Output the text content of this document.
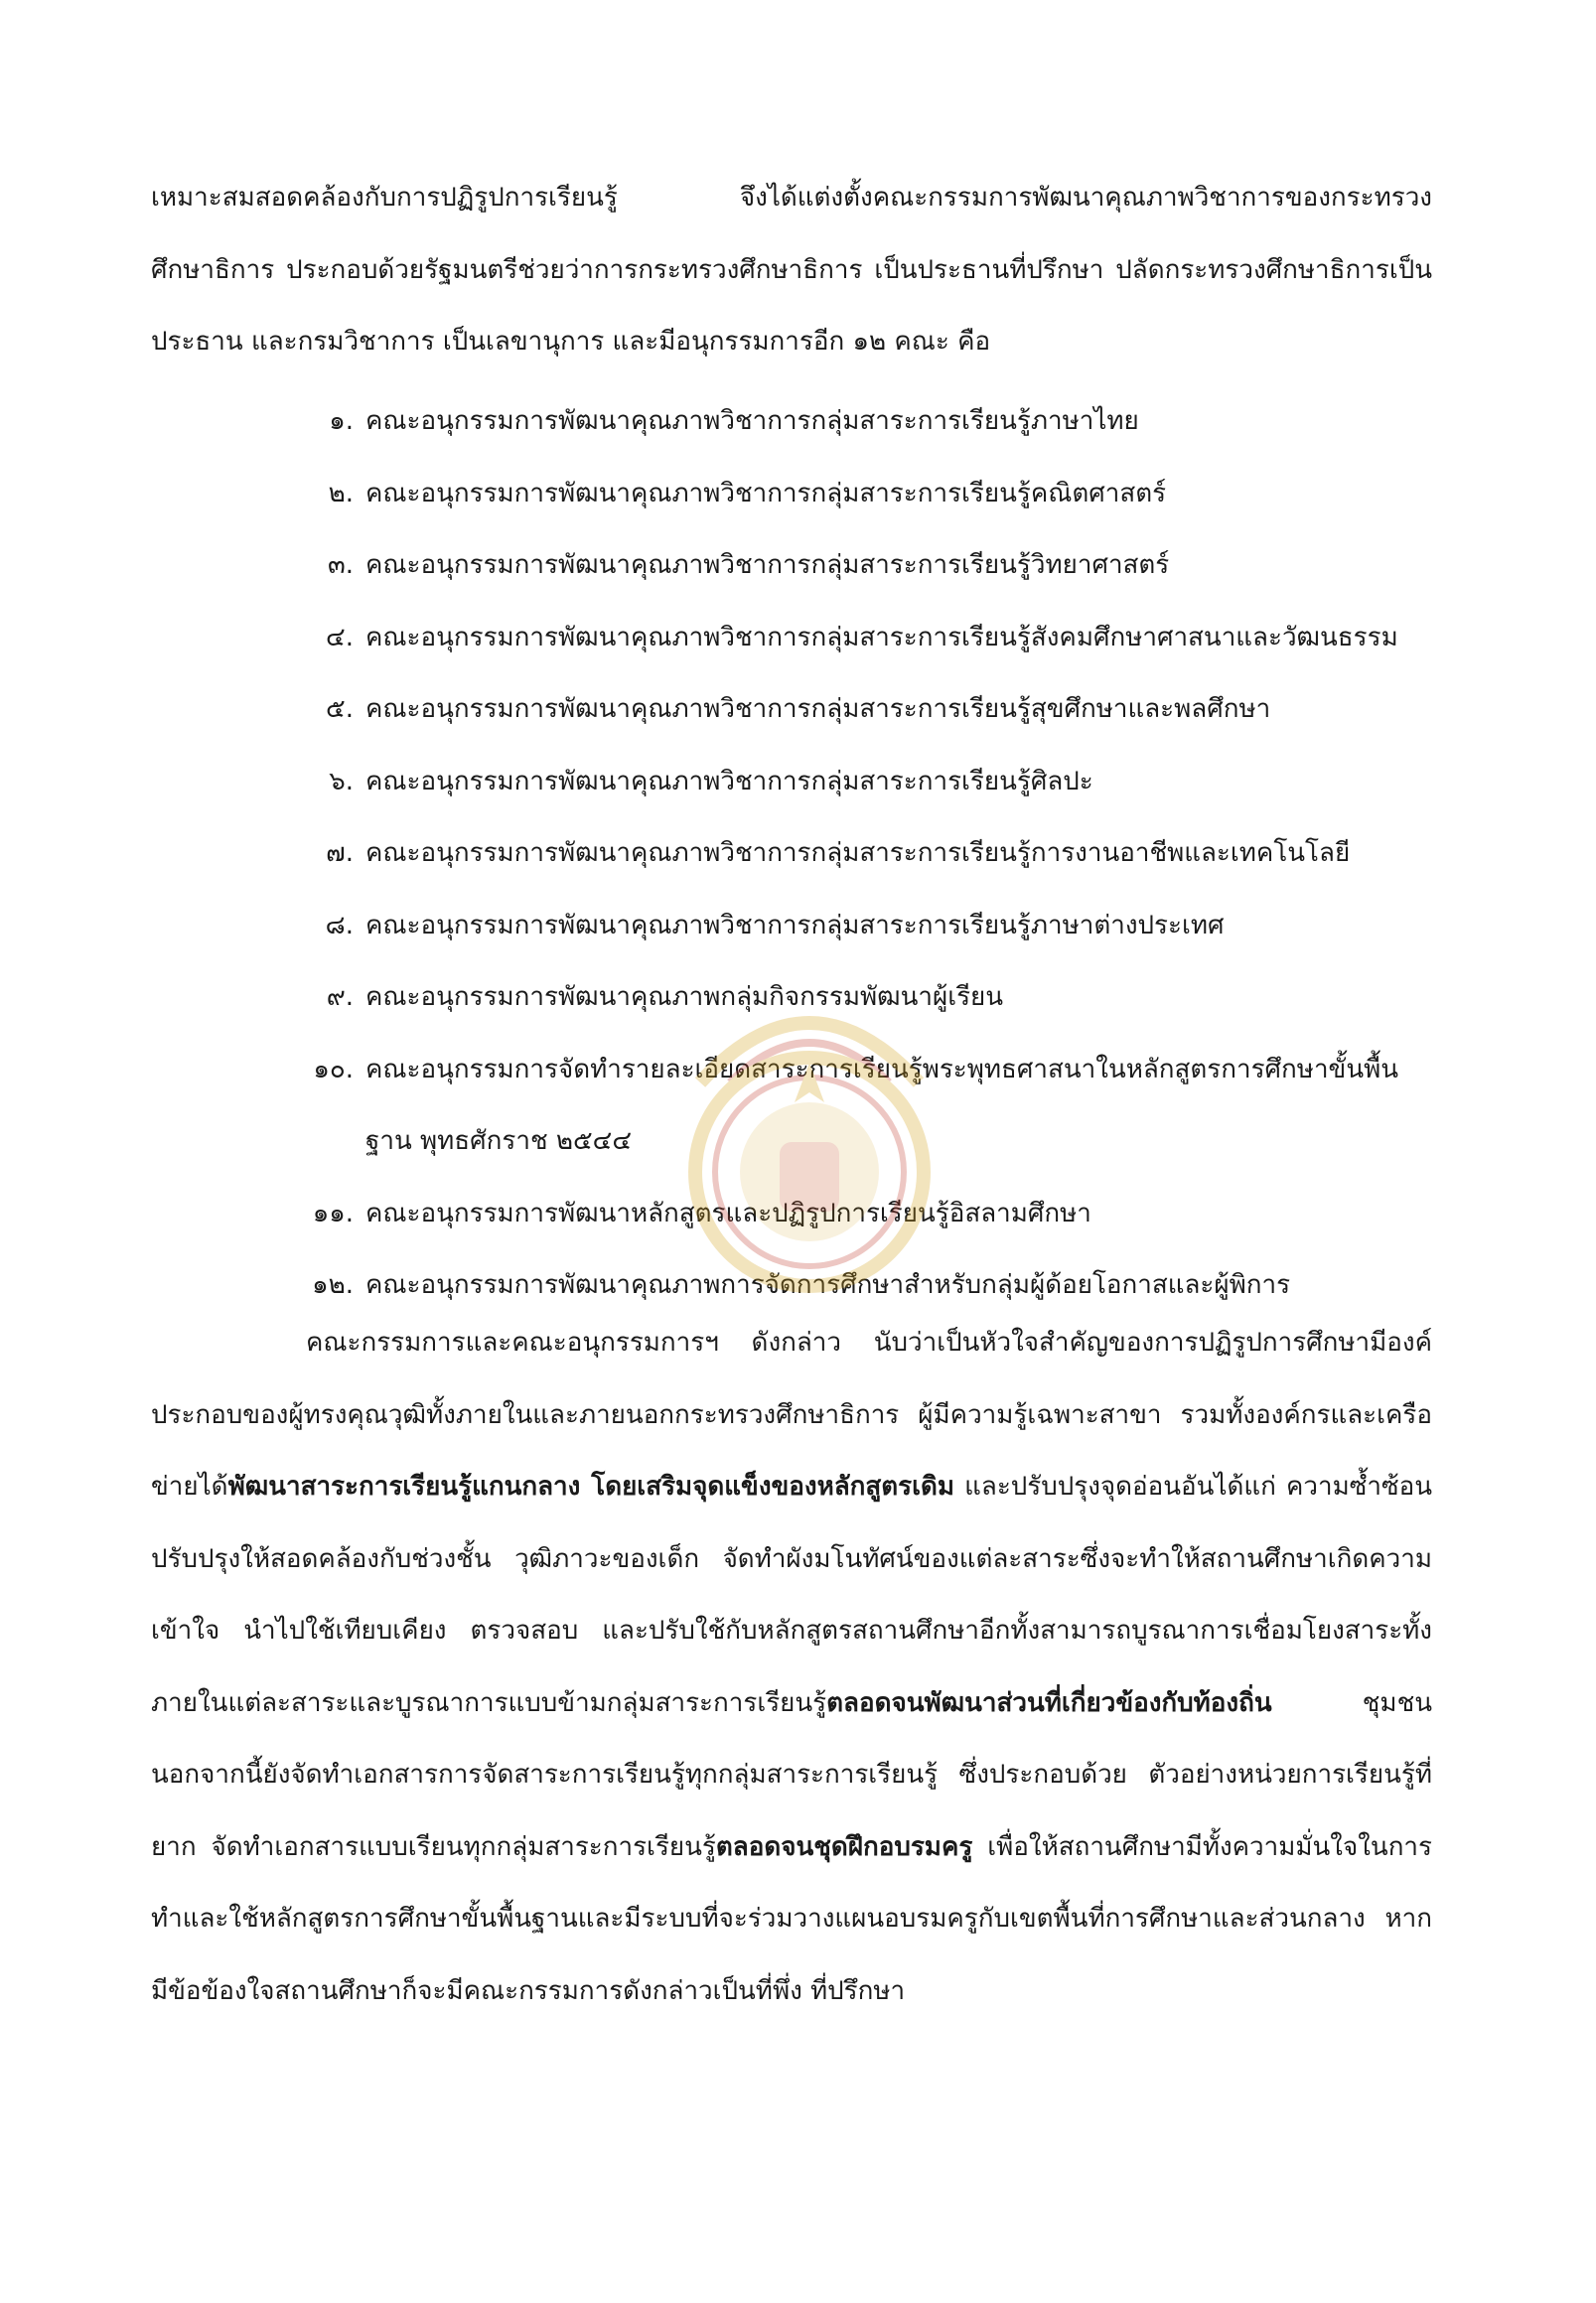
เหมาะสมสอดคล้องกับการปฏิรูปการเรียนรู้ จึงได้แต่งตั้งคณะกรรมการพัฒนาคุณภาพวิชาการของกระทรวงศึกษาธิการ ประกอบด้วยรัฐมนตรีช่วยว่าการกระทรวงศึกษาธิการ เป็นประธานที่ปรึกษา ปลัดกระทรวงศึกษาธิการเป็นประธาน และกรมวิชาการ เป็นเลขานุการ และมีอนุกรรมการอีก ๑๒ คณะ คือ

๑. คณะอนุกรรมการพัฒนาคุณภาพวิชาการกลุ่มสาระการเรียนรู้ภาษาไทย
๒. คณะอนุกรรมการพัฒนาคุณภาพวิชาการกลุ่มสาระการเรียนรู้คณิตศาสตร์
๓. คณะอนุกรรมการพัฒนาคุณภาพวิชาการกลุ่มสาระการเรียนรู้วิทยาศาสตร์
๔. คณะอนุกรรมการพัฒนาคุณภาพวิชาการกลุ่มสาระการเรียนรู้สังคมศึกษาศาสนาและวัฒนธรรม
๕. คณะอนุกรรมการพัฒนาคุณภาพวิชาการกลุ่มสาระการเรียนรู้สุขศึกษาและพลศึกษา
๖. คณะอนุกรรมการพัฒนาคุณภาพวิชาการกลุ่มสาระการเรียนรู้ศิลปะ
๗. คณะอนุกรรมการพัฒนาคุณภาพวิชาการกลุ่มสาระการเรียนรู้การงานอาชีพและเทคโนโลยี
๘. คณะอนุกรรมการพัฒนาคุณภาพวิชาการกลุ่มสาระการเรียนรู้ภาษาต่างประเทศ
๙. คณะอนุกรรมการพัฒนาคุณภาพกลุ่มกิจกรรมพัฒนาผู้เรียน
๑๐. คณะอนุกรรมการจัดทำรายละเอียดสาระการเรียนรู้พระพุทธศาสนาในหลักสูตรการศึกษาขั้นพื้นฐาน พุทธศักราช ๒๕๔๔
๑๑. คณะอนุกรรมการพัฒนาหลักสูตรและปฏิรูปการเรียนรู้อิสลามศึกษา
๑๒. คณะอนุกรรมการพัฒนาคุณภาพการจัดการศึกษาสำหรับกลุ่มผู้ด้อยโอกาสและผู้พิการ

คณะกรรมการและคณะอนุกรรมการฯ ดังกล่าว นับว่าเป็นหัวใจสำคัญของการปฏิรูปการศึกษามีองค์ประกอบของผู้ทรงคุณวุฒิทั้งภายในและภายนอกกระทรวงศึกษาธิการ ผู้มีความรู้เฉพาะสาขา รวมทั้งองค์กรและเครือข่ายได้พัฒนาสาระการเรียนรู้แกนกลาง โดยเสริมจุดแข็งของหลักสูตรเดิม และปรับปรุงจุดอ่อนอันได้แก่ ความซ้ำซ้อน ปรับปรุงให้สอดคล้องกับช่วงชั้น วุฒิภาวะของเด็ก จัดทำผังมโนทัศน์ของแต่ละสาระซึ่งจะทำให้สถานศึกษาเกิดความเข้าใจ นำไปใช้เทียบเคียง ตรวจสอบ และปรับใช้กับหลักสูตรสถานศึกษาอีกทั้งสามารถบูรณาการเชื่อมโยงสาระทั้งภายในแต่ละสาระและบูรณาการแบบข้ามกลุ่มสาระการเรียนรู้ตลอดจนพัฒนาส่วนที่เกี่ยวข้องกับท้องถิ่น ชุมชน นอกจากนี้ยังจัดทำเอกสารการจัดสาระการเรียนรู้ทุกกลุ่มสาระการเรียนรู้ ซึ่งประกอบด้วย ตัวอย่างหน่วยการเรียนรู้ที่ยาก จัดทำเอกสารแบบเรียนทุกกลุ่มสาระการเรียนรู้ตลอดจนชุดฝึกอบรมครู เพื่อให้สถานศึกษามีทั้งความมั่นใจในการทำและใช้หลักสูตรการศึกษาขั้นพื้นฐานและมีระบบที่จะร่วมวางแผนอบรมครูกับเขตพื้นที่การศึกษาและส่วนกลาง หากมีข้อข้องใจสถานศึกษาก็จะมีคณะกรรมการดังกล่าวเป็นที่พึ่ง ที่ปรึกษา
